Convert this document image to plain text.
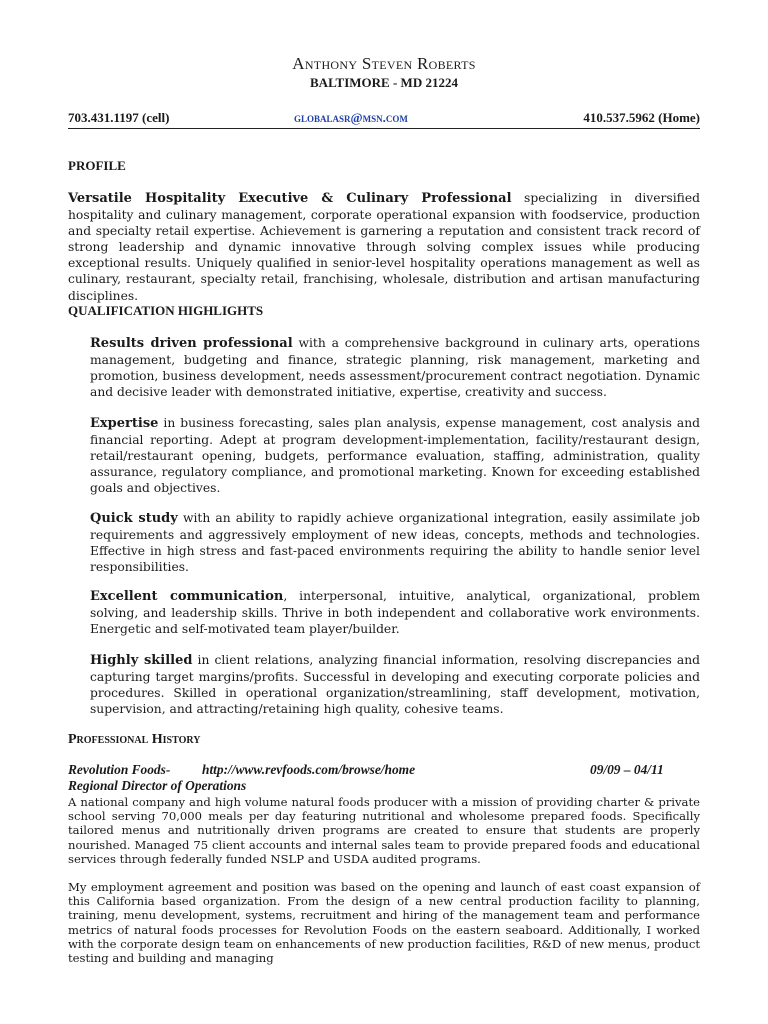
Anthony Steven Roberts
BALTIMORE - MD 21224
703.431.1197 (cell)	globalasr@msn.com	410.537.5962 (Home)
PROFILE
Versatile Hospitality Executive & Culinary Professional specializing in diversified hospitality and culinary management, corporate operational expansion with foodservice, production and specialty retail expertise. Achievement is garnering a reputation and consistent track record of strong leadership and dynamic innovative through solving complex issues while producing exceptional results. Uniquely qualified in senior-level hospitality operations management as well as culinary, restaurant, specialty retail, franchising, wholesale, distribution and artisan manufacturing disciplines.
QUALIFICATION HIGHLIGHTS
Results driven professional with a comprehensive background in culinary arts, operations management, budgeting and finance, strategic planning, risk management, marketing and promotion, business development, needs assessment/procurement contract negotiation. Dynamic and decisive leader with demonstrated initiative, expertise, creativity and success.
Expertise in business forecasting, sales plan analysis, expense management, cost analysis and financial reporting. Adept at program development-implementation, facility/restaurant design, retail/restaurant opening, budgets, performance evaluation, staffing, administration, quality assurance, regulatory compliance, and promotional marketing. Known for exceeding established goals and objectives.
Quick study with an ability to rapidly achieve organizational integration, easily assimilate job requirements and aggressively employment of new ideas, concepts, methods and technologies. Effective in high stress and fast-paced environments requiring the ability to handle senior level responsibilities.
Excellent communication, interpersonal, intuitive, analytical, organizational, problem solving, and leadership skills. Thrive in both independent and collaborative work environments. Energetic and self-motivated team player/builder.
Highly skilled in client relations, analyzing financial information, resolving discrepancies and capturing target margins/profits. Successful in developing and executing corporate policies and procedures. Skilled in operational organization/streamlining, staff development, motivation, supervision, and attracting/retaining high quality, cohesive teams.
Professional History
Revolution Foods- http://www.revfoods.com/browse/home	09/09 – 04/11
Regional Director of Operations
A national company and high volume natural foods producer with a mission of providing charter & private school serving 70,000 meals per day featuring nutritional and wholesome prepared foods. Specifically tailored menus and nutritionally driven programs are created to ensure that students are properly nourished. Managed 75 client accounts and internal sales team to provide prepared foods and educational services through federally funded NSLP and USDA audited programs.
My employment agreement and position was based on the opening and launch of east coast expansion of this California based organization. From the design of a new central production facility to planning, training, menu development, systems, recruitment and hiring of the management team and performance metrics of natural foods processes for Revolution Foods on the eastern seaboard. Additionally, I worked with the corporate design team on enhancements of new production facilities, R&D of new menus, product testing and building and managing
